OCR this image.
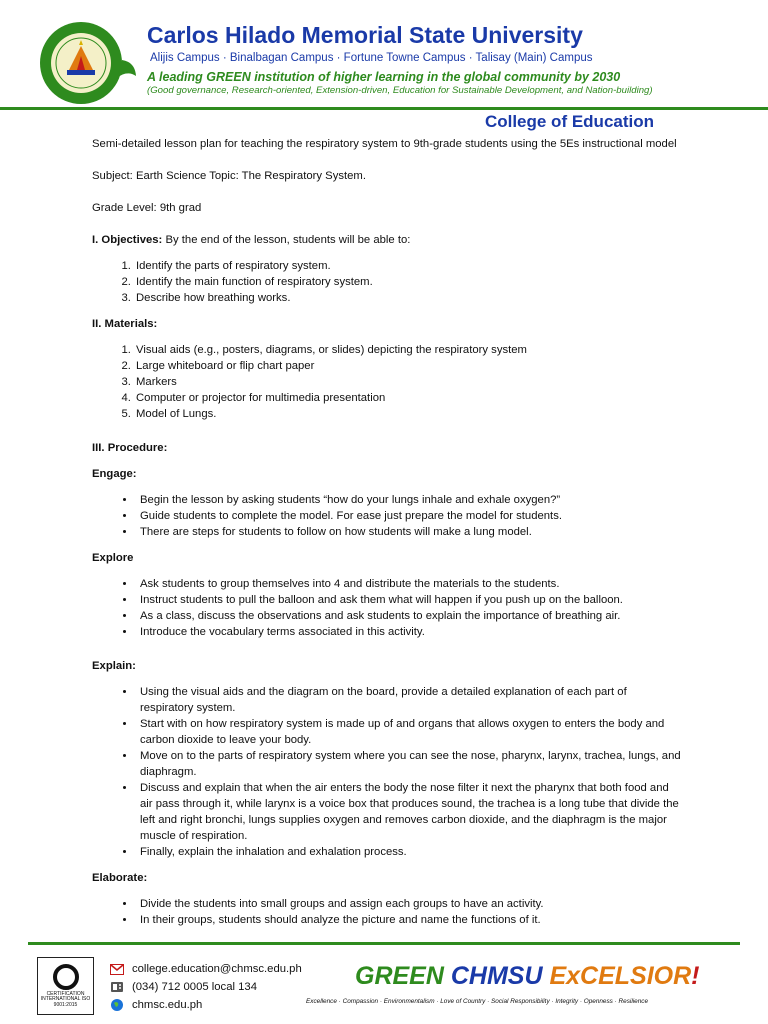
Carlos Hilado Memorial State University
Alijis Campus · Binalbagan Campus · Fortune Towne Campus · Talisay (Main) Campus
A leading GREEN institution of higher learning in the global community by 2030
(Good governance, Research-oriented, Extension-driven, Education for Sustainable Development, and Nation-building)
College of Education

Semi-detailed lesson plan for teaching the respiratory system to 9th-grade students using the 5Es instructional model

Subject: Earth Science Topic: The Respiratory System.

Grade Level: 9th grad

I. Objectives: By the end of the lesson, students will be able to:

1. Identify the parts of respiratory system.
2. Identify the main function of respiratory system.
3. Describe how breathing works.

II. Materials:

1. Visual aids (e.g., posters, diagrams, or slides) depicting the respiratory system
2. Large whiteboard or flip chart paper
3. Markers
4. Computer or projector for multimedia presentation
5. Model of Lungs.

III. Procedure:

Engage:

• Begin the lesson by asking students “how do your lungs inhale and exhale oxygen?”
• Guide students to complete the model. For ease just prepare the model for students.
• There are steps for students to follow on how students will make a lung model.

Explore

• Ask students to group themselves into 4 and distribute the materials to the students.
• Instruct students to pull the balloon and ask them what will happen if you push up on the balloon.
• As a class, discuss the observations and ask students to explain the importance of breathing air.
• Introduce the vocabulary terms associated in this activity.

Explain:

• Using the visual aids and the diagram on the board, provide a detailed explanation of each part of respiratory system.
• Start with on how respiratory system is made up of and organs that allows oxygen to enters the body and carbon dioxide to leave your body.
• Move on to the parts of respiratory system where you can see the nose, pharynx, larynx, trachea, lungs, and diaphragm.
• Discuss and explain that when the air enters the body the nose filter it next the pharynx that both food and air pass through it, while larynx is a voice box that produces sound, the trachea is a long tube that divide the left and right bronchi, lungs supplies oxygen and removes carbon dioxide, and the diaphragm is the major muscle of respiration.
• Finally, explain the inhalation and exhalation process.

Elaborate:

• Divide the students into small groups and assign each groups to have an activity.
• In their groups, students should analyze the picture and name the functions of it.
CERTIFICATION INTERNATIONAL ISO 9001:2015
college.education@chmsc.edu.ph
(034) 712 0005 local 134
chmsc.edu.ph
GREEN CHMSU ExCELSIOR!
Excellence · Compassion · Environmentalism · Love of Country · Social Responsibility · Integrity · Openness · Resilience
